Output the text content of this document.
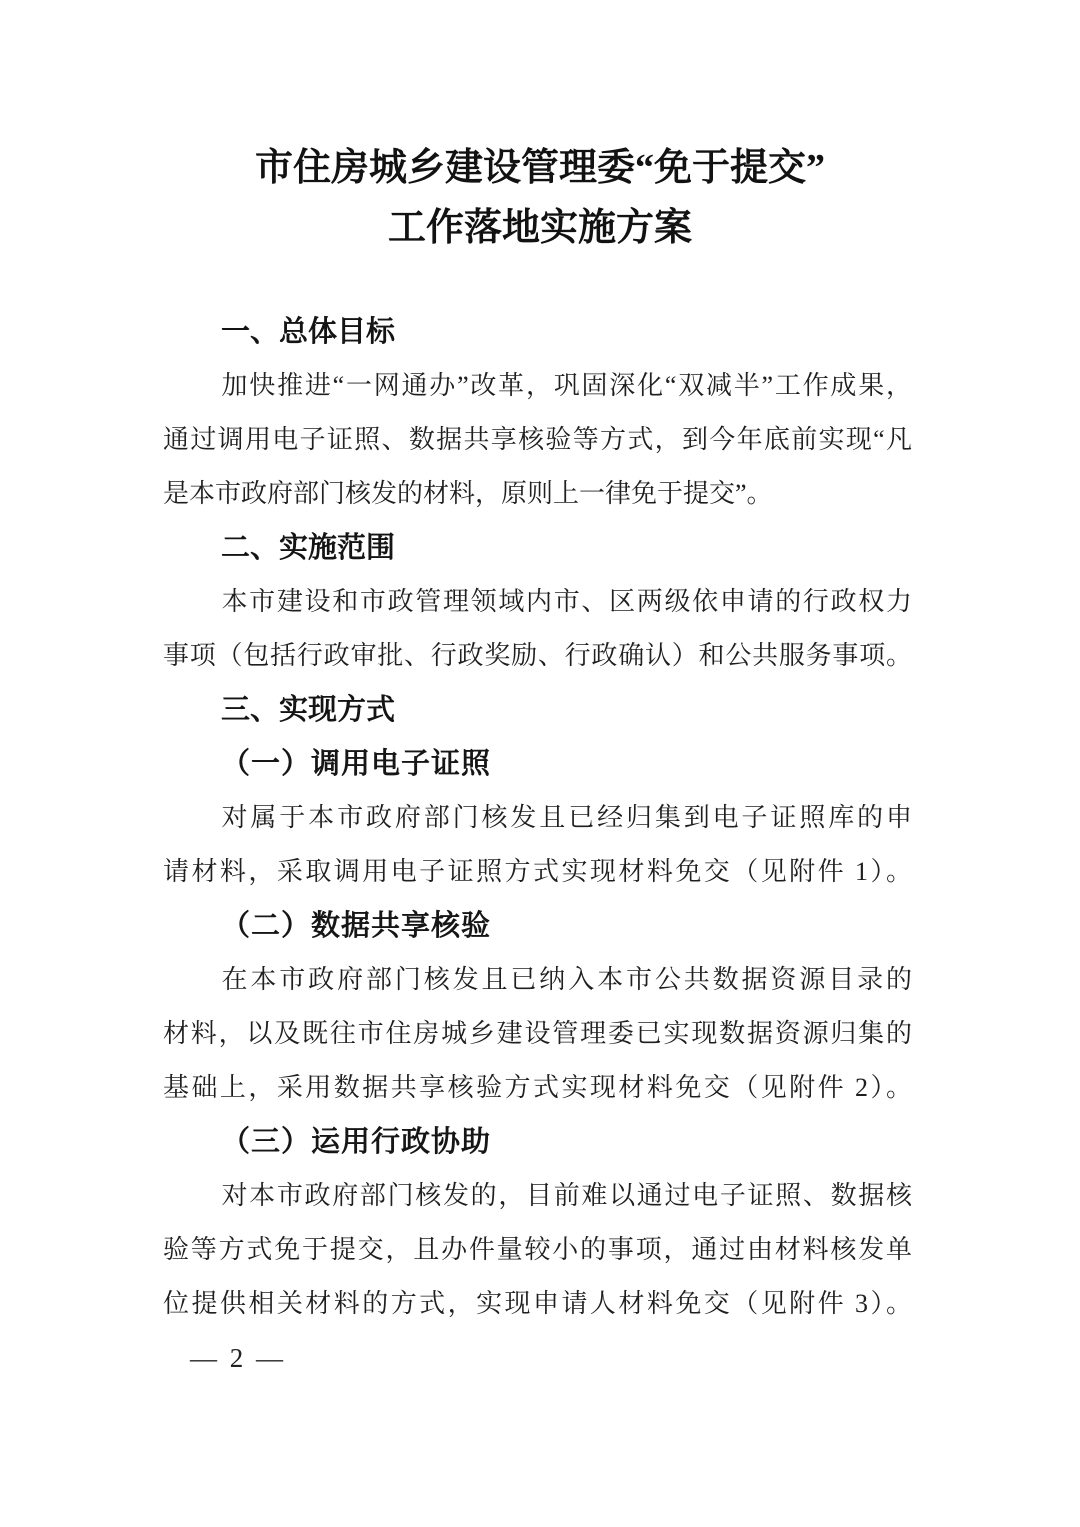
市住房城乡建设管理委“免于提交”
工作落地实施方案
一、总体目标
加快推进“一网通办”改革，巩固深化“双减半”工作成果，
通过调用电子证照、数据共享核验等方式，到今年底前实现“凡
是本市政府部门核发的材料，原则上一律免于提交”。
二、实施范围
本市建设和市政管理领域内市、区两级依申请的行政权力
事项（包括行政审批、行政奖励、行政确认）和公共服务事项。
三、实现方式
（一）调用电子证照
对属于本市政府部门核发且已经归集到电子证照库的申
请材料，采取调用电子证照方式实现材料免交（见附件 1）。
（二）数据共享核验
在本市政府部门核发且已纳入本市公共数据资源目录的
材料，以及既往市住房城乡建设管理委已实现数据资源归集的
基础上，采用数据共享核验方式实现材料免交（见附件 2）。
（三）运用行政协助
对本市政府部门核发的，目前难以通过电子证照、数据核
验等方式免于提交，且办件量较小的事项，通过由材料核发单
位提供相关材料的方式，实现申请人材料免交（见附件 3）。
— 2 —
